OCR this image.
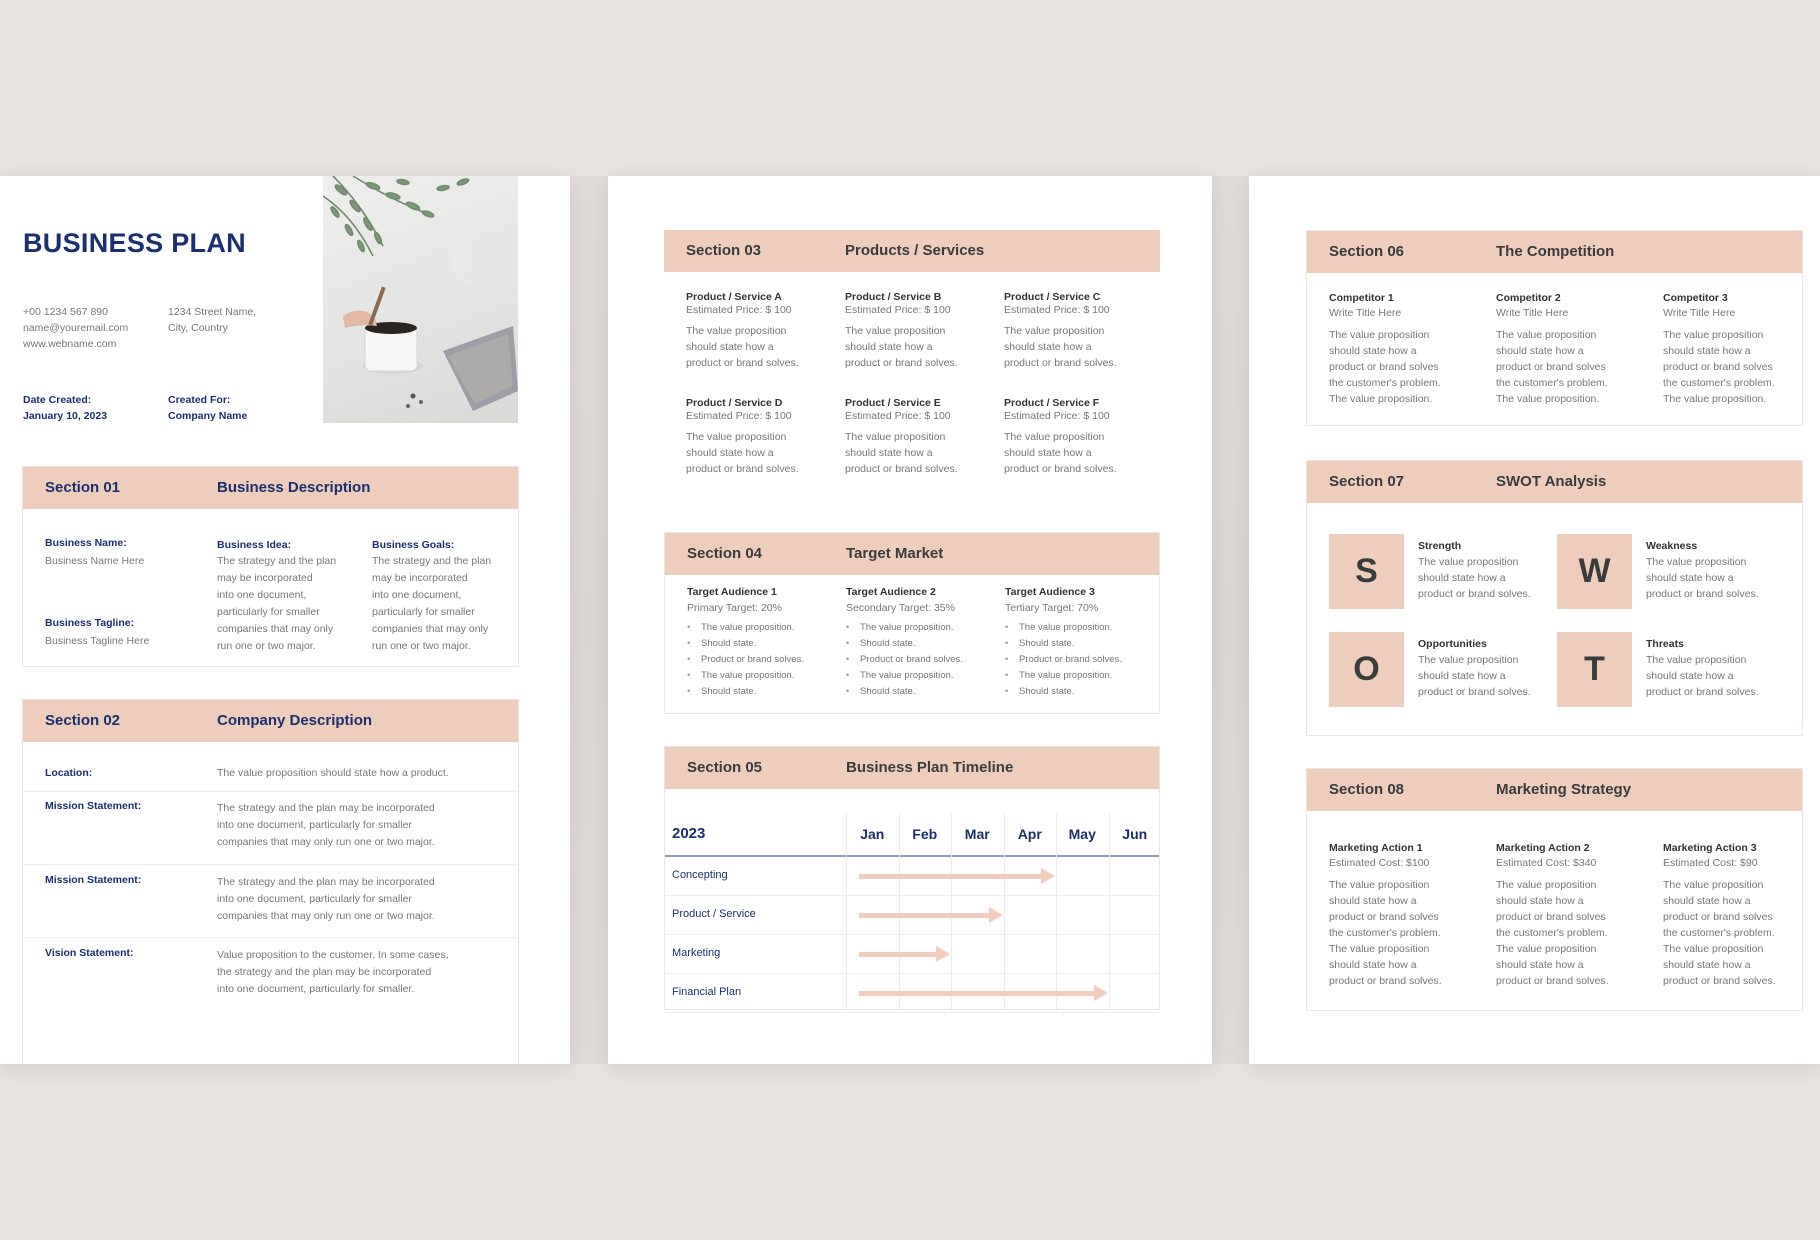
BUSINESS PLAN
+00 1234 567 890
name@youremail.com
www.webname.com
1234 Street Name,
City, Country
Date Created:
January 10, 2023
Created For:
Company Name
Section 01	Business Description
Business Name:
Business Name Here
Business Tagline:
Business Tagline Here
Business Idea:
The strategy and the plan
may be incorporated
into one document,
particularly for smaller
companies that may only
run one or two major.
Business Goals:
The strategy and the plan
may be incorporated
into one document,
particularly for smaller
companies that may only
run one or two major.
Section 02	Company Description
Location:	The value proposition should state how a product.
Mission Statement:	The strategy and the plan may be incorporated
into one document, particularly for smaller
companies that may only run one or two major.
Mission Statement:	The strategy and the plan may be incorporated
into one document, particularly for smaller
companies that may only run one or two major.
Vision Statement:	Value proposition to the customer. In some cases,
the strategy and the plan may be incorporated
into one document, particularly for smaller.
Section 03	Products / Services
Product / Service A
Estimated Price: $ 100
The value proposition
should state how a
product or brand solves.
Product / Service B
Estimated Price: $ 100
The value proposition
should state how a
product or brand solves.
Product / Service C
Estimated Price: $ 100
The value proposition
should state how a
product or brand solves.
Product / Service D
Estimated Price: $ 100
The value proposition
should state how a
product or brand solves.
Product / Service E
Estimated Price: $ 100
The value proposition
should state how a
product or brand solves.
Product / Service F
Estimated Price: $ 100
The value proposition
should state how a
product or brand solves.
Section 04	Target Market
Target Audience 1
Primary Target: 20%
• The value proposition.
• Should state.
• Product or brand solves.
• The value proposition.
• Should state.
Target Audience 2
Secondary Target: 35%
• The value proposition.
• Should state.
• Product or brand solves.
• The value proposition.
• Should state.
Target Audience 3
Tertiary Target: 70%
• The value proposition.
• Should state.
• Product or brand solves.
• The value proposition.
• Should state.
Section 05	Business Plan Timeline
2023	Jan	Feb	Mar	Apr	May	Jun
Concepting
Product / Service
Marketing
Financial Plan
Section 06	The Competition
Competitor 1
Write Title Here
The value proposition
should state how a
product or brand solves
the customer's problem.
The value proposition.
Competitor 2
Write Title Here
The value proposition
should state how a
product or brand solves
the customer's problem.
The value proposition.
Competitor 3
Write Title Here
The value proposition
should state how a
product or brand solves
the customer's problem.
The value proposition.
Section 07	SWOT Analysis
S
Strength
The value proposition
should state how a
product or brand solves.
W
Weakness
The value proposition
should state how a
product or brand solves.
O
Opportunities
The value proposition
should state how a
product or brand solves.
T
Threats
The value proposition
should state how a
product or brand solves.
Section 08	Marketing Strategy
Marketing Action 1
Estimated Cost: $100
The value proposition
should state how a
product or brand solves
the customer's problem.
The value proposition
should state how a
product or brand solves.
Marketing Action 2
Estimated Cost: $340
The value proposition
should state how a
product or brand solves
the customer's problem.
The value proposition
should state how a
product or brand solves.
Marketing Action 3
Estimated Cost: $90
The value proposition
should state how a
product or brand solves
the customer's problem.
The value proposition
should state how a
product or brand solves.
